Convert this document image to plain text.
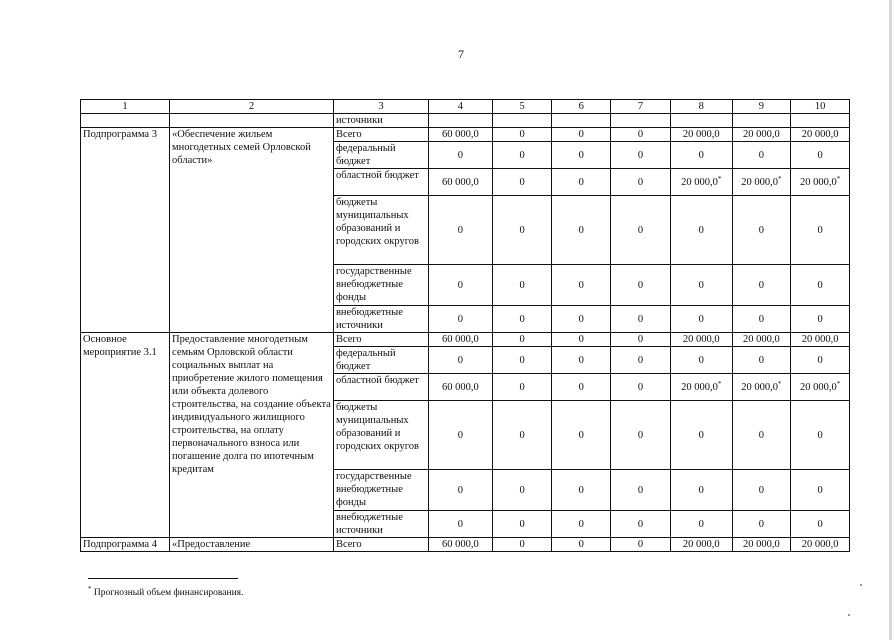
7
1	2	3	4	5	6	7	8	9	10
		источники							
Подпрограмма 3	«Обеспечение жильем многодетных семей Орловской области»	Всего	60 000,0	0	0	0	20 000,0	20 000,0	20 000,0
		федеральный бюджет	0	0	0	0	0	0	0
		областной бюджет	60 000,0	0	0	0	20 000,0*	20 000,0*	20 000,0*
		бюджеты муниципальных образований и городских округов	0	0	0	0	0	0	0
		государственные внебюджетные фонды	0	0	0	0	0	0	0
		внебюджетные источники	0	0	0	0	0	0	0
Основное мероприятие 3.1	Предоставление многодетным семьям Орловской области социальных выплат на приобретение жилого помещения или объекта долевого строительства, на создание объекта индивидуального жилищного строительства, на оплату первоначального взноса или погашение долга по ипотечным кредитам	Всего	60 000,0	0	0	0	20 000,0	20 000,0	20 000,0
		федеральный бюджет	0	0	0	0	0	0	0
		областной бюджет	60 000,0	0	0	0	20 000,0*	20 000,0*	20 000,0*
		бюджеты муниципальных образований и городских округов	0	0	0	0	0	0	0
		государственные внебюджетные фонды	0	0	0	0	0	0	0
		внебюджетные источники	0	0	0	0	0	0	0
Подпрограмма 4	«Предоставление	Всего	60 000,0	0	0	0	20 000,0	20 000,0	20 000,0
* Прогнозный объем финансирования.
